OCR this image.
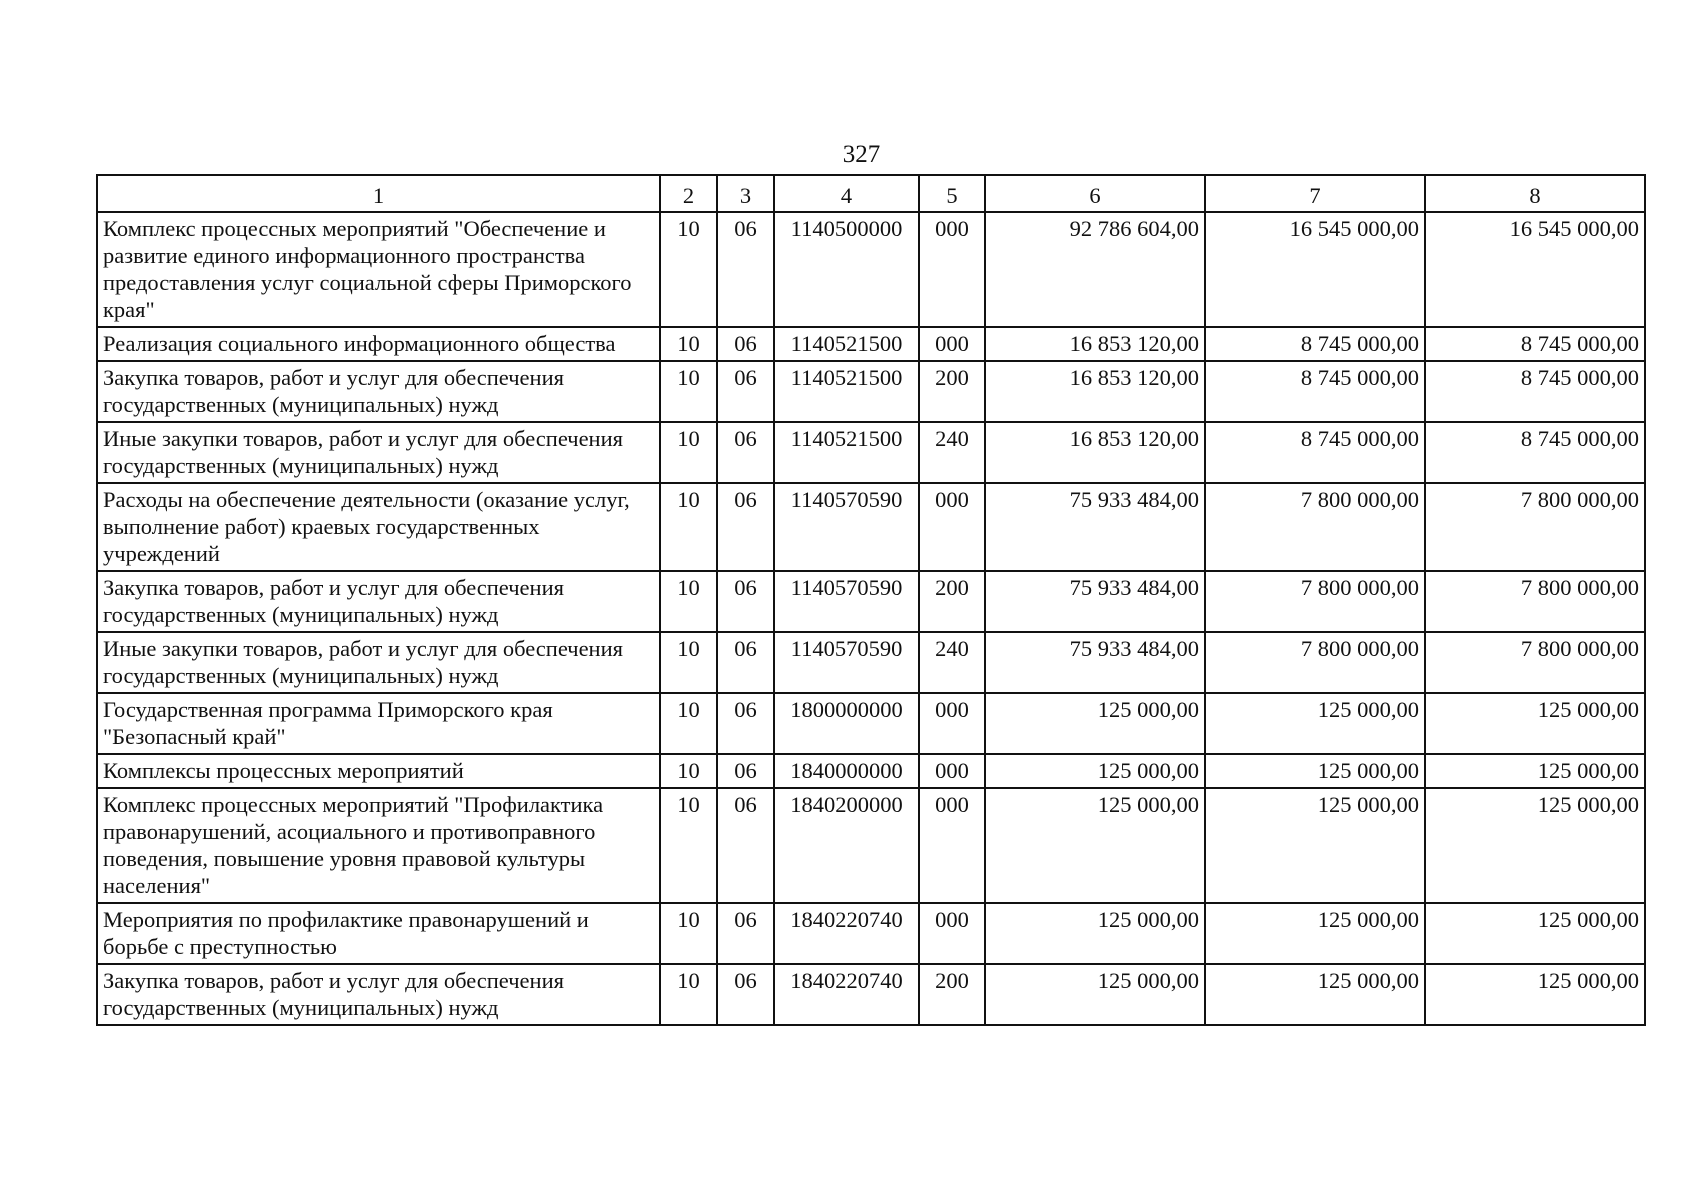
327
1	2	3	4	5	6	7	8
Комплекс процессных мероприятий "Обеспечение и развитие единого информационного пространства предоставления услуг социальной сферы Приморского края"	10	06	1140500000	000	92 786 604,00	16 545 000,00	16 545 000,00
Реализация социального информационного общества	10	06	1140521500	000	16 853 120,00	8 745 000,00	8 745 000,00
Закупка товаров, работ и услуг для обеспечения государственных (муниципальных) нужд	10	06	1140521500	200	16 853 120,00	8 745 000,00	8 745 000,00
Иные закупки товаров, работ и услуг для обеспечения государственных (муниципальных) нужд	10	06	1140521500	240	16 853 120,00	8 745 000,00	8 745 000,00
Расходы на обеспечение деятельности (оказание услуг, выполнение работ) краевых государственных учреждений	10	06	1140570590	000	75 933 484,00	7 800 000,00	7 800 000,00
Закупка товаров, работ и услуг для обеспечения государственных (муниципальных) нужд	10	06	1140570590	200	75 933 484,00	7 800 000,00	7 800 000,00
Иные закупки товаров, работ и услуг для обеспечения государственных (муниципальных) нужд	10	06	1140570590	240	75 933 484,00	7 800 000,00	7 800 000,00
Государственная программа Приморского края "Безопасный край"	10	06	1800000000	000	125 000,00	125 000,00	125 000,00
Комплексы процессных мероприятий	10	06	1840000000	000	125 000,00	125 000,00	125 000,00
Комплекс процессных мероприятий "Профилактика правонарушений, асоциального и противоправного поведения, повышение уровня правовой культуры населения"	10	06	1840200000	000	125 000,00	125 000,00	125 000,00
Мероприятия по профилактике правонарушений и борьбе с преступностью	10	06	1840220740	000	125 000,00	125 000,00	125 000,00
Закупка товаров, работ и услуг для обеспечения государственных (муниципальных) нужд	10	06	1840220740	200	125 000,00	125 000,00	125 000,00
